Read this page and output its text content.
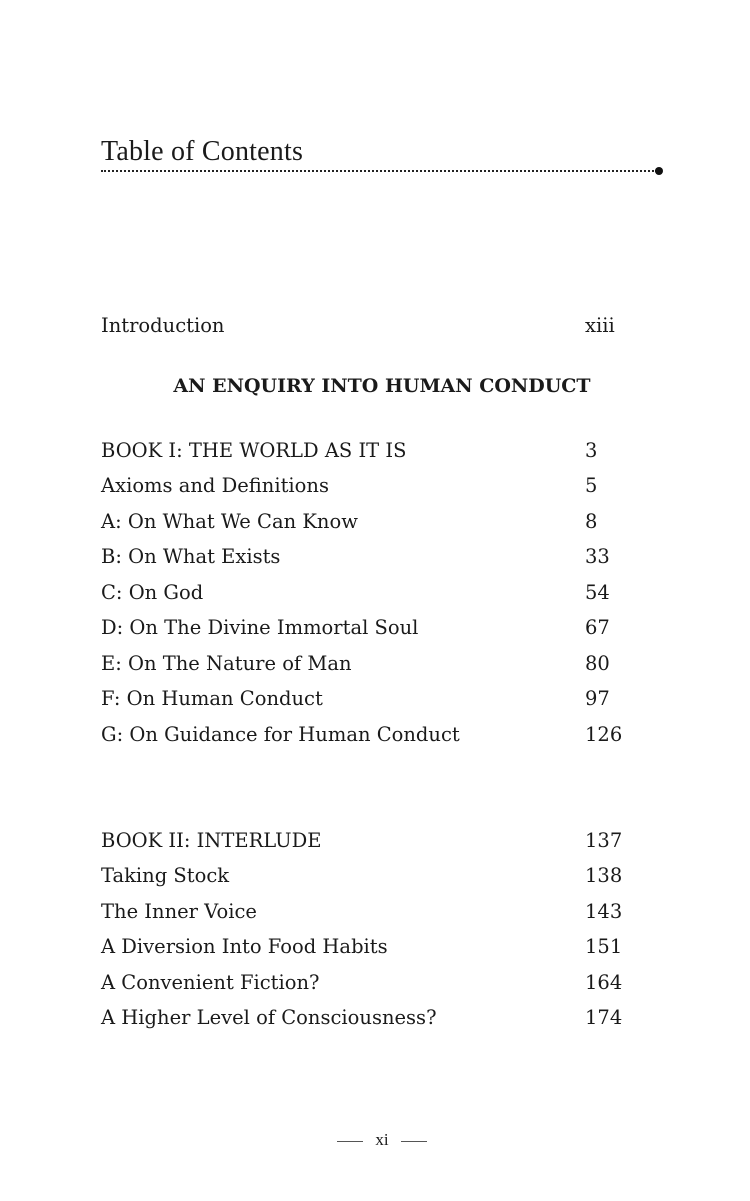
Table of Contents
Introduction	xiii
AN ENQUIRY INTO HUMAN CONDUCT
BOOK I: THE WORLD AS IT IS	3
Axioms and Definitions	5
A: On What We Can Know	8
B: On What Exists	33
C: On God	54
D: On The Divine Immortal Soul	67
E: On The Nature of Man	80
F: On Human Conduct	97
G: On Guidance for Human Conduct	126
BOOK II: INTERLUDE	137
Taking Stock	138
The Inner Voice	143
A Diversion Into Food Habits	151
A Convenient Fiction?	164
A Higher Level of Consciousness?	174
xi
